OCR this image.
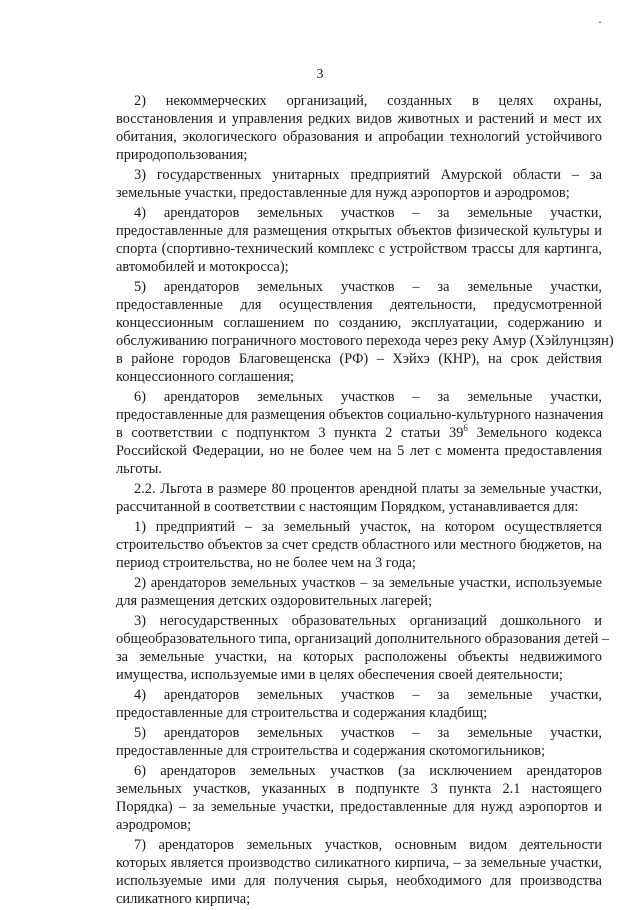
·
3
2) некоммерческих организаций, созданных в целях охраны,
восстановления и управления редких видов животных и растений и мест их
обитания, экологического образования и апробации технологий устойчивого
природопользования;
3) государственных унитарных предприятий Амурской области – за
земельные участки, предоставленные для нужд аэропортов и аэродромов;
4) арендаторов земельных участков – за земельные участки,
предоставленные для размещения открытых объектов физической культуры и
спорта (спортивно-технический комплекс с устройством трассы для картинга,
автомобилей и мотокросса);
5) арендаторов земельных участков – за земельные участки,
предоставленные для осуществления деятельности, предусмотренной
концессионным соглашением по созданию, эксплуатации, содержанию и
обслуживанию пограничного мостового перехода через реку Амур (Хэйлунцзян)
в районе городов Благовещенска (РФ) – Хэйхэ (КНР), на срок действия
концессионного соглашения;
6) арендаторов земельных участков – за земельные участки,
предоставленные для размещения объектов социально-культурного назначения
в соответствии с подпунктом 3 пункта 2 статьи $39^6$ Земельного кодекса
Российской Федерации, но не более чем на 5 лет с момента предоставления
льготы.
2.2. Льгота в размере 80 процентов арендной платы за земельные участки,
рассчитанной в соответствии с настоящим Порядком, устанавливается для:
1) предприятий – за земельный участок, на котором осуществляется
строительство объектов за счет средств областного или местного бюджетов, на
период строительства, но не более чем на 3 года;
2) арендаторов земельных участков – за земельные участки, используемые
для размещения детских оздоровительных лагерей;
3) негосударственных образовательных организаций дошкольного и
общеобразовательного типа, организаций дополнительного образования детей –
за земельные участки, на которых расположены объекты недвижимого
имущества, используемые ими в целях обеспечения своей деятельности;
4) арендаторов земельных участков – за земельные участки,
предоставленные для строительства и содержания кладбищ;
5) арендаторов земельных участков – за земельные участки,
предоставленные для строительства и содержания скотомогильников;
6) арендаторов земельных участков (за исключением арендаторов
земельных участков, указанных в подпункте 3 пункта 2.1 настоящего
Порядка) – за земельные участки, предоставленные для нужд аэропортов и
аэродромов;
7) арендаторов земельных участков, основным видом деятельности
которых является производство силикатного кирпича, – за земельные участки,
используемые ими для получения сырья, необходимого для производства
силикатного кирпича;
